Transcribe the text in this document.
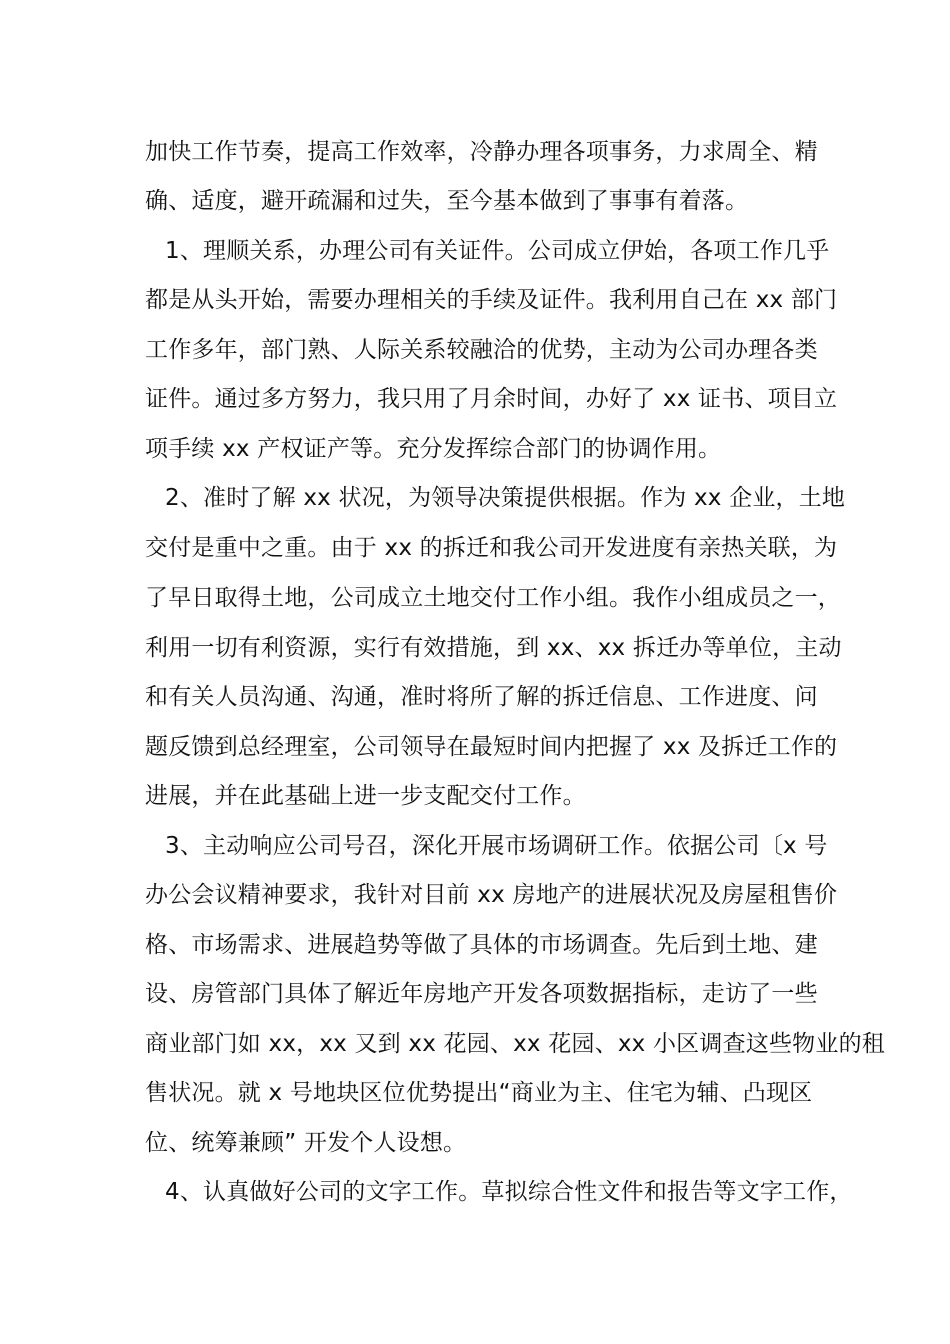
加快工作节奏，提高工作效率，冷静办理各项事务，力求周全、精
确、适度，避开疏漏和过失，至今基本做到了事事有着落。
1、理顺关系，办理公司有关证件。公司成立伊始，各项工作几乎
都是从头开始，需要办理相关的手续及证件。我利用自己在 xx 部门
工作多年，部门熟、人际关系较融洽的优势，主动为公司办理各类
证件。通过多方努力，我只用了月余时间，办好了 xx 证书、项目立
项手续 xx 产权证产等。充分发挥综合部门的协调作用。
2、准时了解 xx 状况，为领导决策提供根据。作为 xx 企业，土地
交付是重中之重。由于 xx 的拆迁和我公司开发进度有亲热关联，为
了早日取得土地，公司成立土地交付工作小组。我作小组成员之一，
利用一切有利资源，实行有效措施，到 xx、xx 拆迁办等单位，主动
和有关人员沟通、沟通，准时将所了解的拆迁信息、工作进度、问
题反馈到总经理室，公司领导在最短时间内把握了 xx 及拆迁工作的
进展，并在此基础上进一步支配交付工作。
3、主动响应公司号召，深化开展市场调研工作。依据公司〔x 号
办公会议精神要求，我针对目前 xx 房地产的进展状况及房屋租售价
格、市场需求、进展趋势等做了具体的市场调查。先后到土地、建
设、房管部门具体了解近年房地产开发各项数据指标，走访了一些
商业部门如 xx，xx 又到 xx 花园、xx 花园、xx 小区调查这些物业的租
售状况。就 x 号地块区位优势提出“商业为主、住宅为辅、凸现区
位、统筹兼顾” 开发个人设想。
4、认真做好公司的文字工作。草拟综合性文件和报告等文字工作，
